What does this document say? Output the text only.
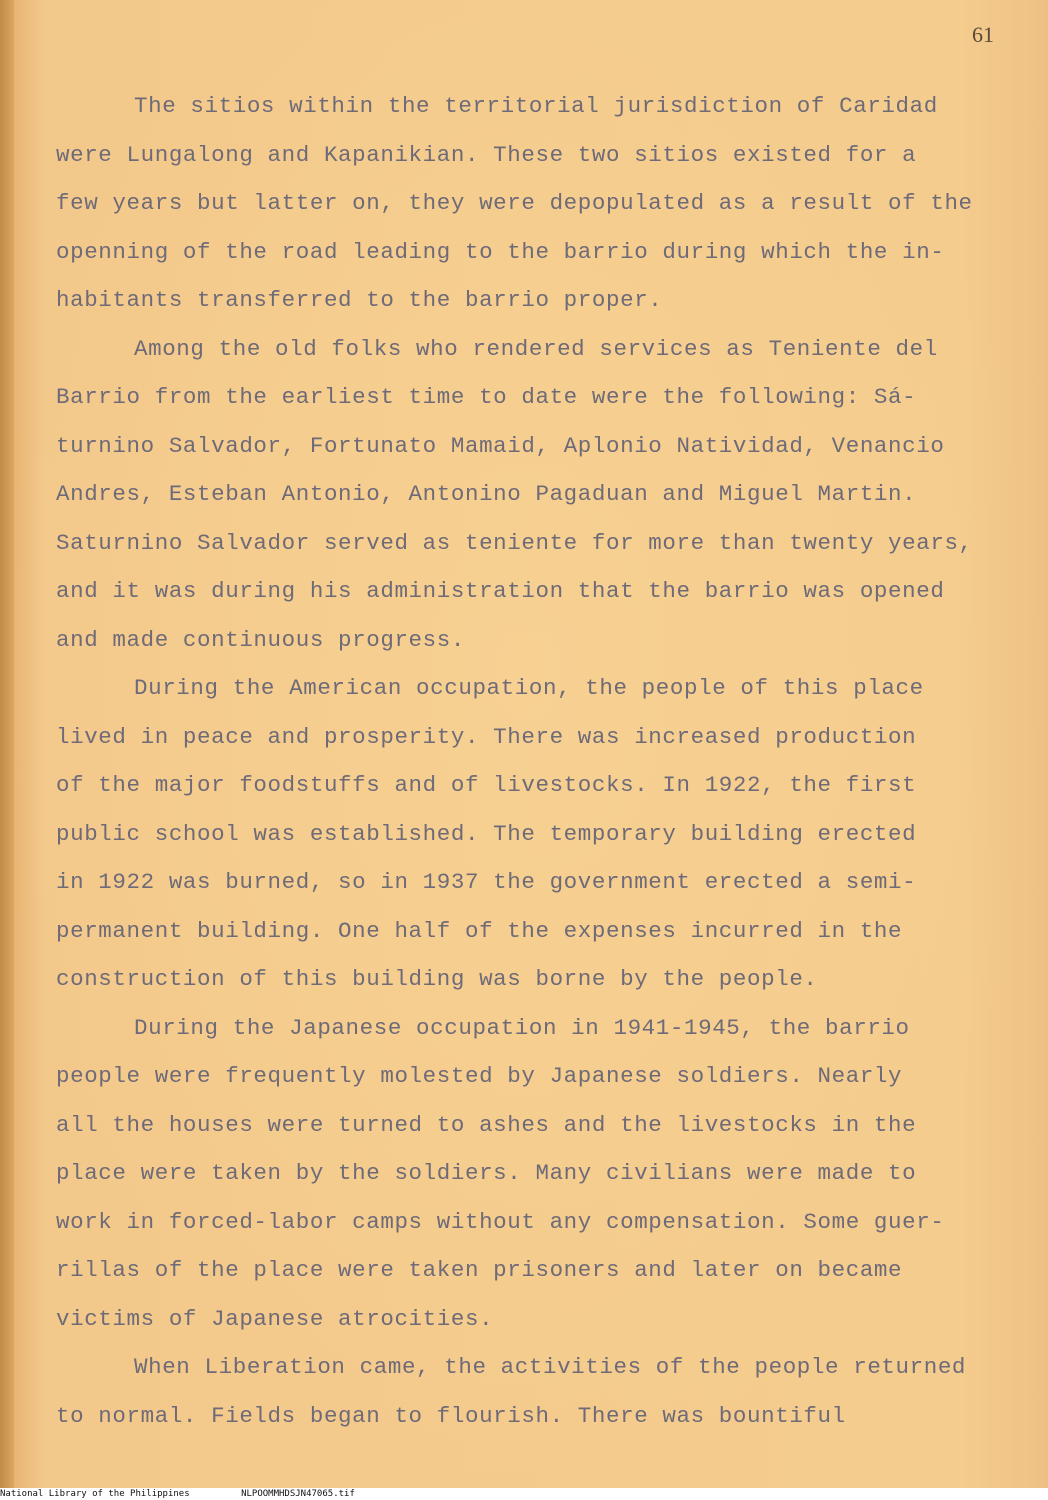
61
The sitios within the territorial jurisdiction of Caridad
were Lungalong and Kapanikian. These two sitios existed for a
few years but latter on, they were depopulated as a result of the
openning of the road leading to the barrio during which the in-
habitants transferred to the barrio proper.
Among the old folks who rendered services as Teniente del
Barrio from the earliest time to date were the following: Sá-
turnino Salvador, Fortunato Mamaid, Aplonio Natividad, Venancio
Andres, Esteban Antonio, Antonino Pagaduan and Miguel Martin.
Saturnino Salvador served as teniente for more than twenty years,
and it was during his administration that the barrio was opened
and made continuous progress.
During the American occupation, the people of this place
lived in peace and prosperity. There was increased production
of the major foodstuffs and of livestocks. In 1922, the first
public school was established. The temporary building erected
in 1922 was burned, so in 1937 the government erected a semi-
permanent building. One half of the expenses incurred in the
construction of this building was borne by the people.
During the Japanese occupation in 1941-1945, the barrio
people were frequently molested by Japanese soldiers. Nearly
all the houses were turned to ashes and the livestocks in the
place were taken by the soldiers. Many civilians were made to
work in forced-labor camps without any compensation. Some guer-
rillas of the place were taken prisoners and later on became
victims of Japanese atrocities.
When Liberation came, the activities of the people returned
to normal. Fields began to flourish. There was bountiful
National Library of the Philippines	NLPOOMMHDSJN47065.tif
